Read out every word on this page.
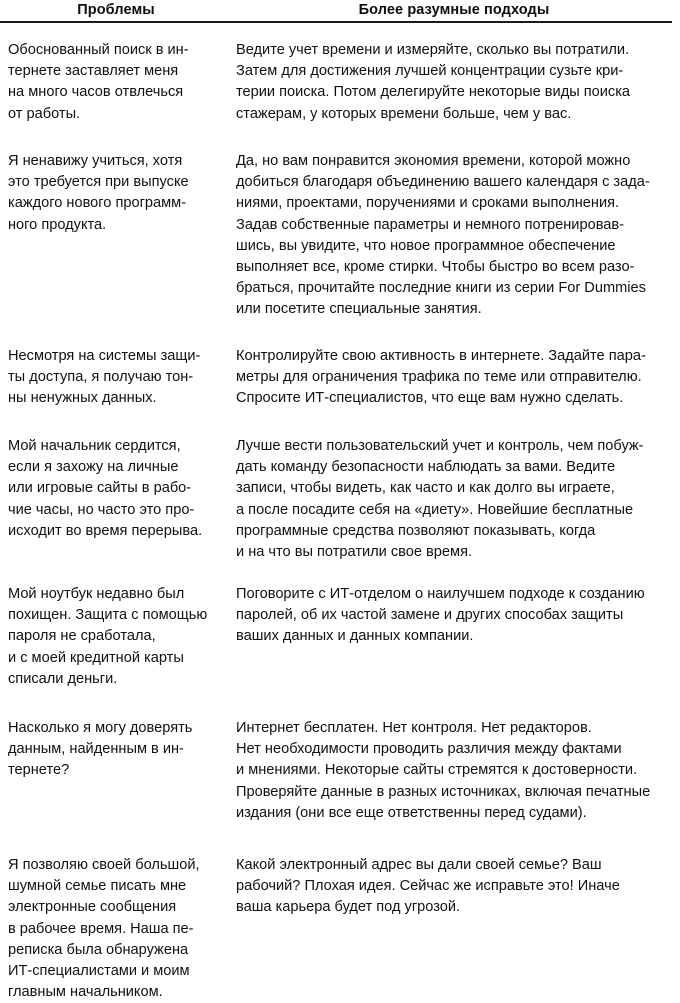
Проблемы	Более разумные подходы
Обоснованный поиск в ин-
тернете заставляет меня
на много часов отвлечься
от работы.
Ведите учет времени и измеряйте, сколько вы потратили.
Затем для достижения лучшей концентрации сузьте кри-
терии поиска. Потом делегируйте некоторые виды поиска
стажерам, у которых времени больше, чем у вас.
Я ненавижу учиться, хотя
это требуется при выпуске
каждого нового программ-
ного продукта.
Да, но вам понравится экономия времени, которой можно
добиться благодаря объединению вашего календаря с зада-
ниями, проектами, поручениями и сроками выполнения.
Задав собственные параметры и немного потренировав-
шись, вы увидите, что новое программное обеспечение
выполняет все, кроме стирки. Чтобы быстро во всем разо-
браться, прочитайте последние книги из серии For Dummies
или посетите специальные занятия.
Несмотря на системы защи-
ты доступа, я получаю тон-
ны ненужных данных.
Контролируйте свою активность в интернете. Задайте пара-
метры для ограничения трафика по теме или отправителю.
Спросите ИТ-специалистов, что еще вам нужно сделать.
Мой начальник сердится,
если я захожу на личные
или игровые сайты в рабо-
чие часы, но часто это про-
исходит во время перерыва.
Лучше вести пользовательский учет и контроль, чем побуж-
дать команду безопасности наблюдать за вами. Ведите
записи, чтобы видеть, как часто и как долго вы играете,
а после посадите себя на «диету». Новейшие бесплатные
программные средства позволяют показывать, когда
и на что вы потратили свое время.
Мой ноутбук недавно был
похищен. Защита с помощью
пароля не сработала,
и с моей кредитной карты
списали деньги.
Поговорите с ИТ-отделом о наилучшем подходе к созданию
паролей, об их частой замене и других способах защиты
ваших данных и данных компании.
Насколько я могу доверять
данным, найденным в ин-
тернете?
Интернет бесплатен. Нет контроля. Нет редакторов.
Нет необходимости проводить различия между фактами
и мнениями. Некоторые сайты стремятся к достоверности.
Проверяйте данные в разных источниках, включая печатные
издания (они все еще ответственны перед судами).
Я позволяю своей большой,
шумной семье писать мне
электронные сообщения
в рабочее время. Наша пе-
реписка была обнаружена
ИТ-специалистами и моим
главным начальником.
Какой электронный адрес вы дали своей семье? Ваш
рабочий? Плохая идея. Сейчас же исправьте это! Иначе
ваша карьера будет под угрозой.
